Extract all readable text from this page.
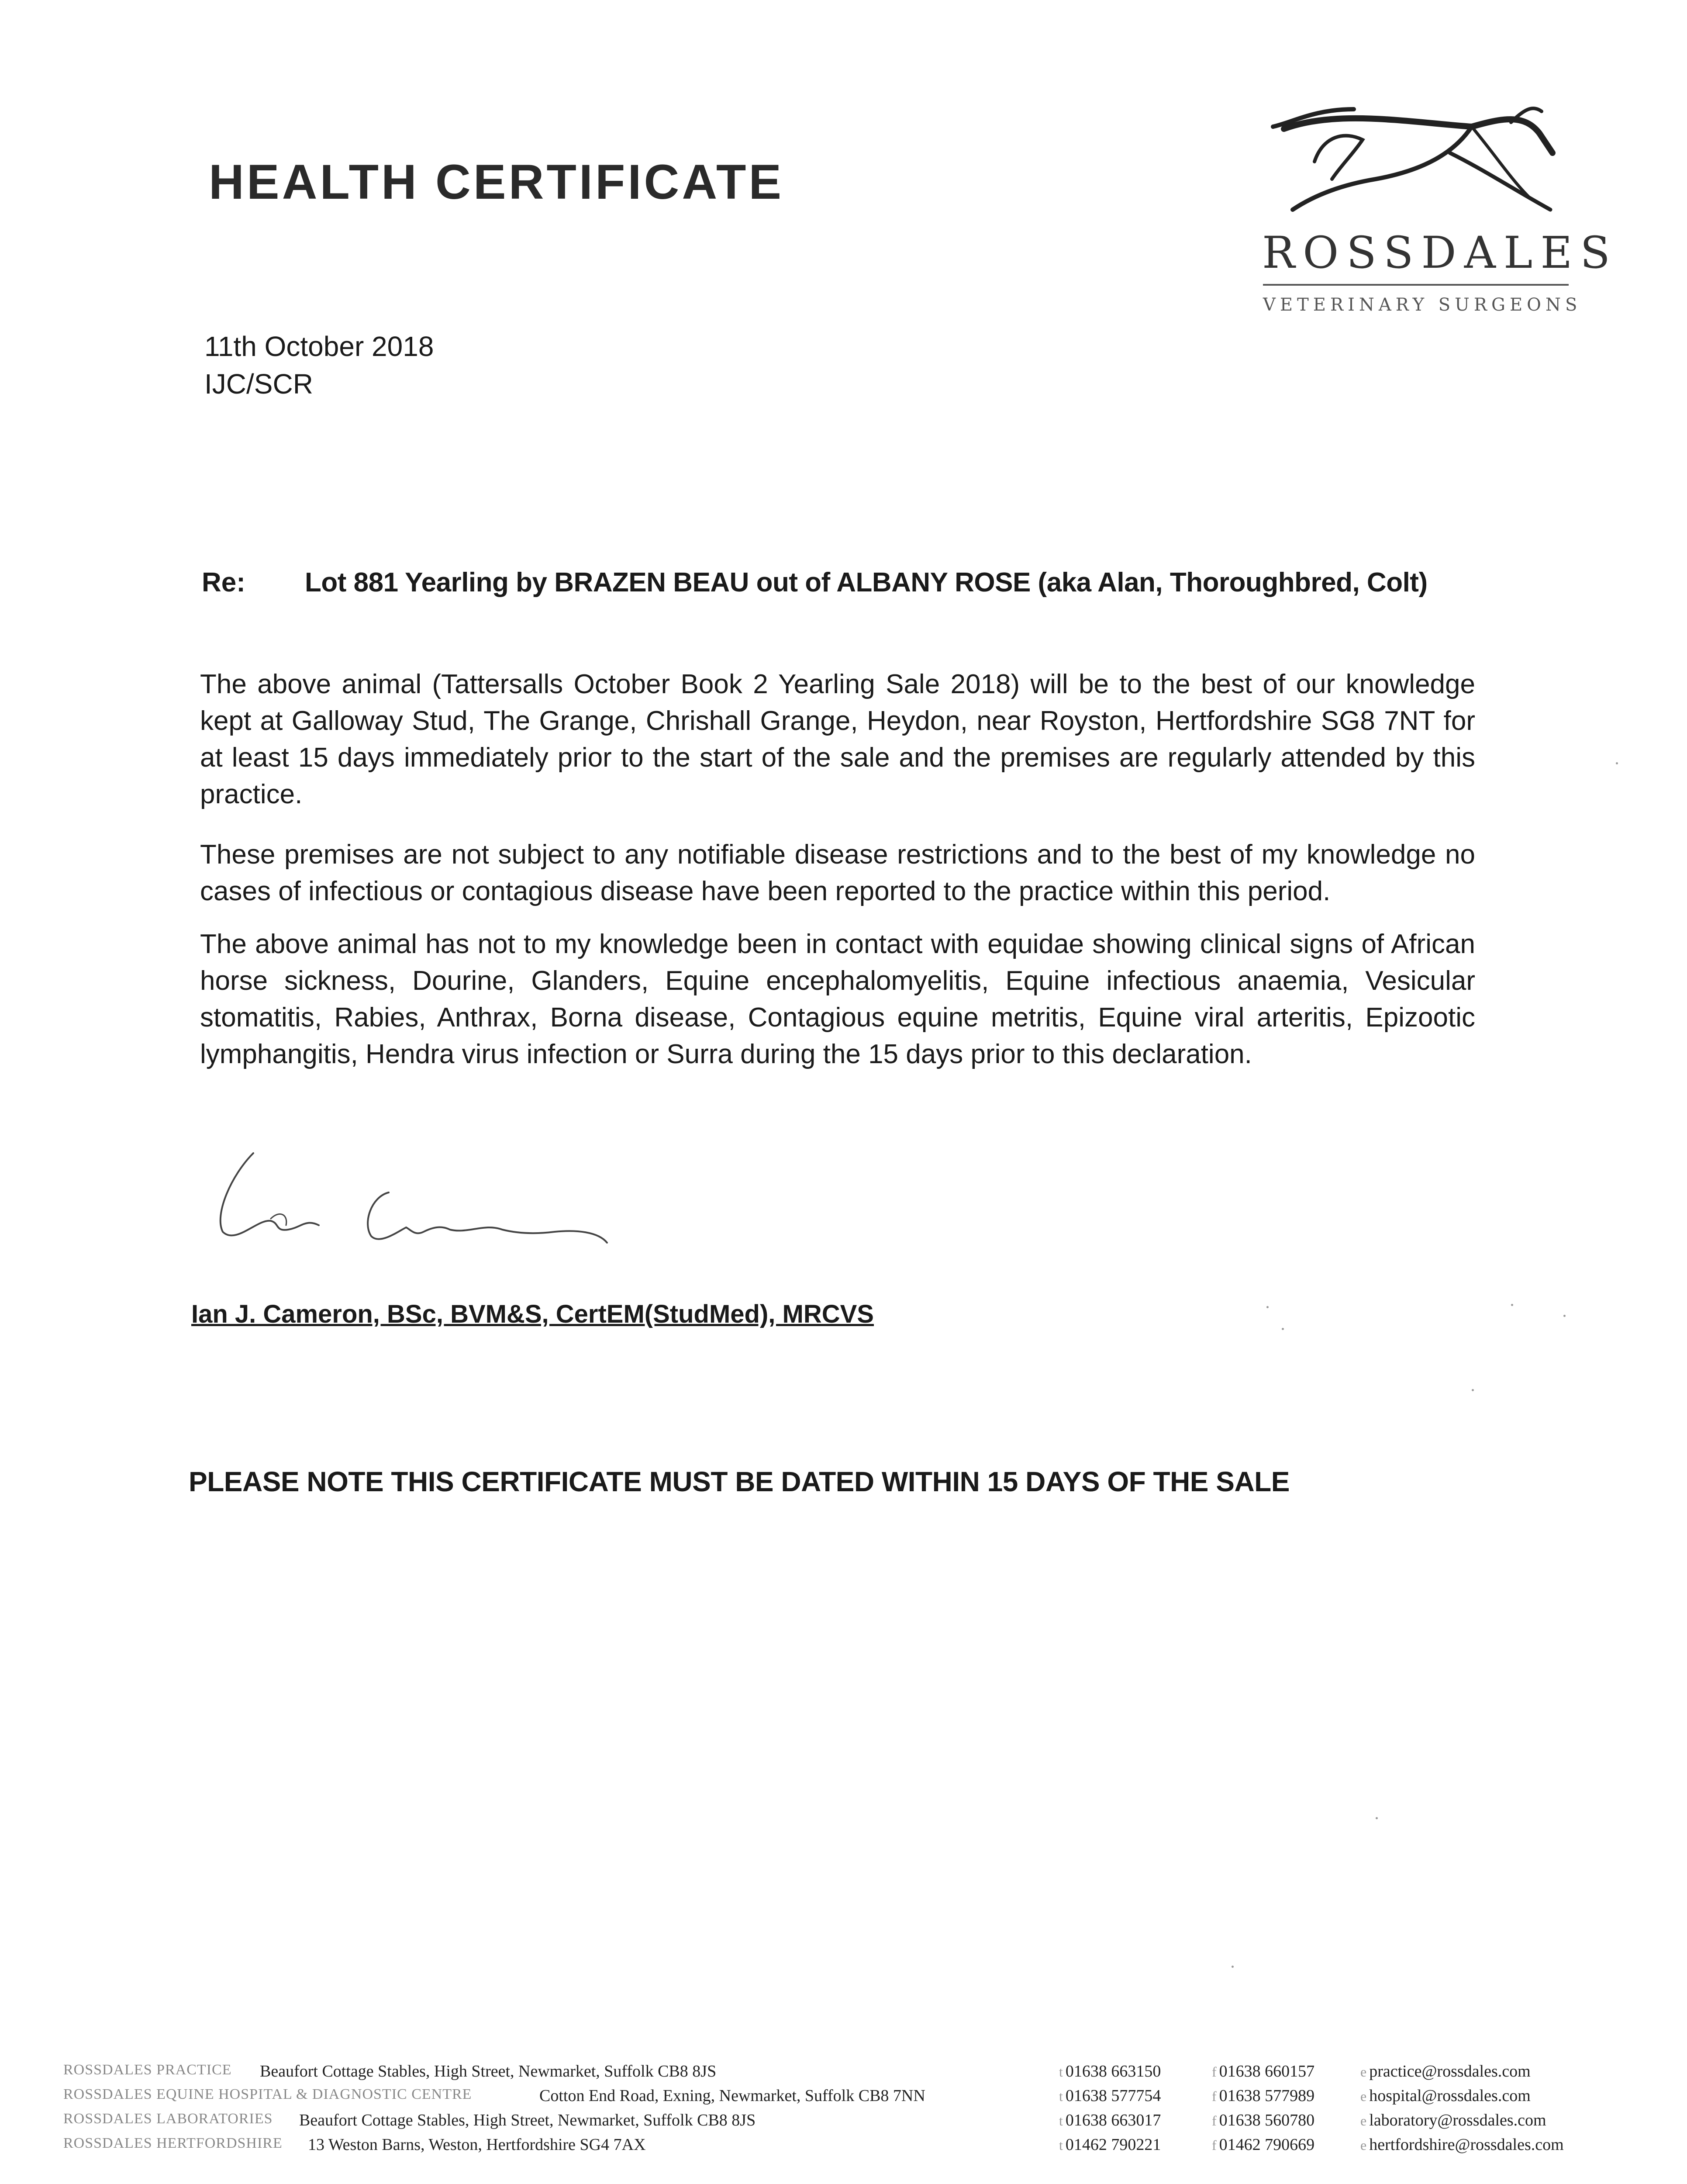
HEALTH CERTIFICATE
ROSSDALES
VETERINARY SURGEONS
11th October 2018
IJC/SCR
Re: Lot 881 Yearling by BRAZEN BEAU out of ALBANY ROSE (aka Alan, Thoroughbred, Colt)
The above animal (Tattersalls October Book 2 Yearling Sale 2018) will be to the best of our knowledge kept at Galloway Stud, The Grange, Chrishall Grange, Heydon, near Royston, Hertfordshire SG8 7NT for at least 15 days immediately prior to the start of the sale and the premises are regularly attended by this practice.
These premises are not subject to any notifiable disease restrictions and to the best of my knowledge no cases of infectious or contagious disease have been reported to the practice within this period.
The above animal has not to my knowledge been in contact with equidae showing clinical signs of African horse sickness, Dourine, Glanders, Equine encephalomyelitis, Equine infectious anaemia, Vesicular stomatitis, Rabies, Anthrax, Borna disease, Contagious equine metritis, Equine viral arteritis, Epizootic lymphangitis, Hendra virus infection or Surra during the 15 days prior to this declaration.
Ian J. Cameron, BSc, BVM&S, CertEM(StudMed), MRCVS
PLEASE NOTE THIS CERTIFICATE MUST BE DATED WITHIN 15 DAYS OF THE SALE
ROSSDALES PRACTICE Beaufort Cottage Stables, High Street, Newmarket, Suffolk CB8 8JS	t 01638 663150	f 01638 660157	e practice@rossdales.com
ROSSDALES EQUINE HOSPITAL & DIAGNOSTIC CENTRE	Cotton End Road, Exning, Newmarket, Suffolk CB8 7NN	t 01638 577754	f 01638 577989	e hospital@rossdales.com
ROSSDALES LABORATORIES Beaufort Cottage Stables, High Street, Newmarket, Suffolk CB8 8JS	t 01638 663017	f 01638 560780	e laboratory@rossdales.com
ROSSDALES HERTFORDSHIRE 13 Weston Barns, Weston, Hertfordshire SG4 7AX	t 01462 790221	f 01462 790669	e hertfordshire@rossdales.com
